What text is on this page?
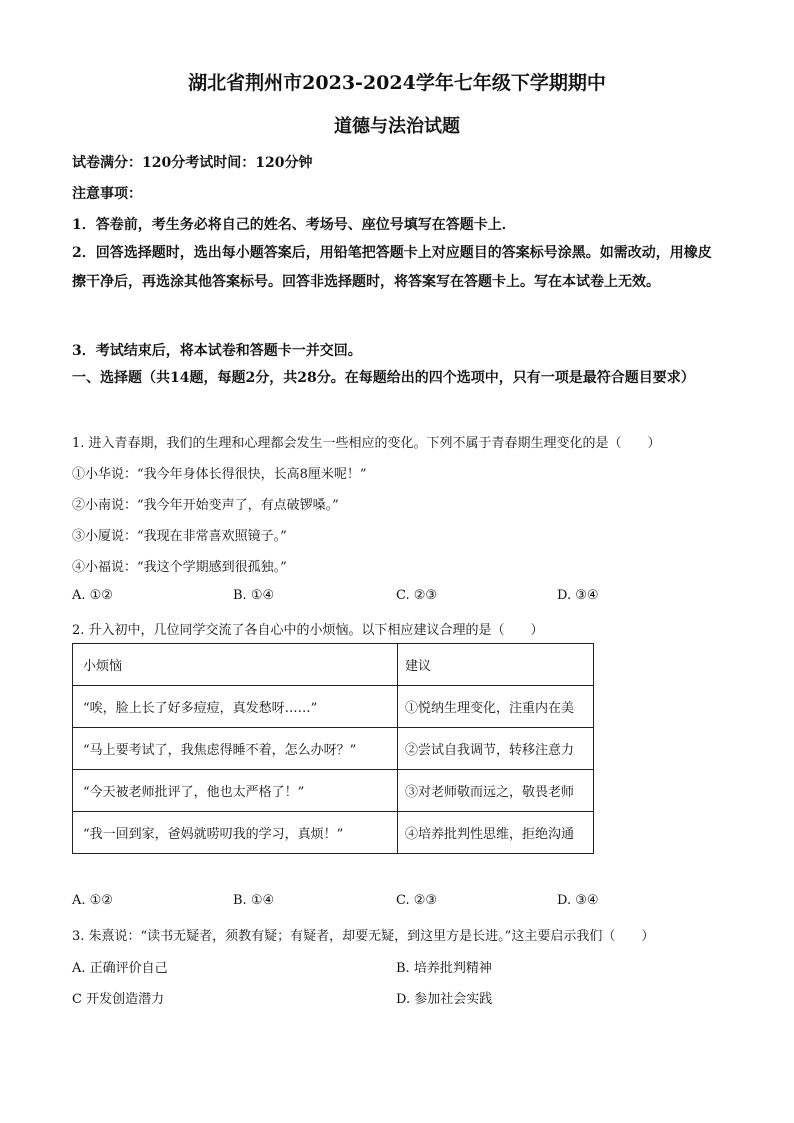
湖北省荆州市2023-2024学年七年级下学期期中
道德与法治试题
试卷满分：120分考试时间：120分钟
注意事项：
1．答卷前，考生务必将自己的姓名、考场号、座位号填写在答题卡上．
2．回答选择题时，选出每小题答案后，用铅笔把答题卡上对应题目的答案标号涂黑。如需改动，用橡皮擦干净后，再选涂其他答案标号。回答非选择题时，将答案写在答题卡上。写在本试卷上无效。
3．考试结束后，将本试卷和答题卡一并交回。
一、选择题（共14题，每题2分，共28分。在每题给出的四个选项中，只有一项是最符合题目要求）
1. 进入青春期，我们的生理和心理都会发生一些相应的变化。下列不属于青春期生理变化的是（　　）
①小华说：“我今年身体长得很快，长高8厘米呢！”
②小南说：“我今年开始变声了，有点破锣嗓。”
③小厦说：“我现在非常喜欢照镜子。”
④小福说：“我这个学期感到很孤独。”
A. ①②	B. ①④	C. ②③	D. ③④
2. 升入初中，几位同学交流了各自心中的小烦恼。以下相应建议合理的是（　　）
小烦恼	建议
“唉，脸上长了好多痘痘，真发愁呀……”	①悦纳生理变化，注重内在美
“马上要考试了，我焦虑得睡不着，怎么办呀？”	②尝试自我调节，转移注意力
“今天被老师批评了，他也太严格了！”	③对老师敬而远之，敬畏老师
“我一回到家，爸妈就唠叨我的学习，真烦！”	④培养批判性思维，拒绝沟通
A. ①②	B. ①④	C. ②③	D. ③④
3. 朱熹说：“读书无疑者，须教有疑；有疑者，却要无疑，到这里方是长进。”这主要启示我们（　　）
A. 正确评价自己	B. 培养批判精神
C 开发创造潜力	D. 参加社会实践
